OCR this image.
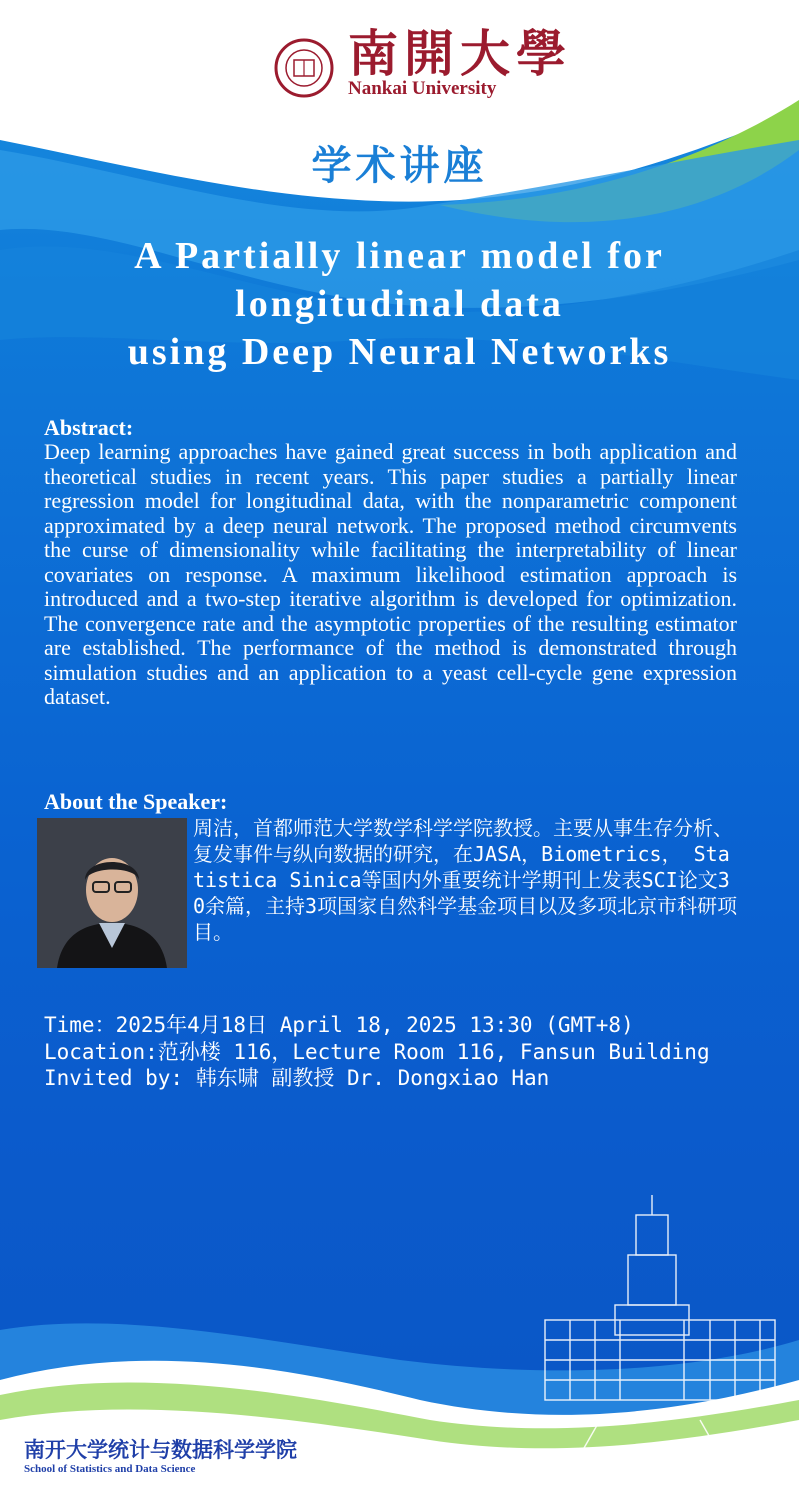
南開大學
Nankai University
学术讲座
A Partially linear model for
longitudinal data
using Deep Neural Networks
Abstract:
Deep learning approaches have gained great success in both application and theoretical studies in recent years. This paper studies a partially linear regression model for longitudinal data, with the nonparametric component approximated by a deep neural network. The proposed method circumvents the curse of dimensionality while facilitating the interpretability of linear covariates on response. A maximum likelihood estimation approach is introduced and a two-step iterative algorithm is developed for optimization. The convergence rate and the asymptotic properties of the resulting estimator are established. The performance of the method is demonstrated through simulation studies and an application to a yeast cell-cycle gene expression dataset.
About the Speaker:
周洁，首都师范大学数学科学学院教授。主要从事生存分析、复发事件与纵向数据的研究，在JASA，Biometrics， Statistica Sinica等国内外重要统计学期刊上发表SCI论文30余篇，主持3项国家自然科学基金项目以及多项北京市科研项目。
Time：2025年4月18日 April 18, 2025 13:30 (GMT+8)
Location:范孙楼 116，Lecture Room 116, Fansun Building
Invited by: 韩东啸 副教授 Dr. Dongxiao Han
南开大学统计与数据科学学院
School of Statistics and Data Science
